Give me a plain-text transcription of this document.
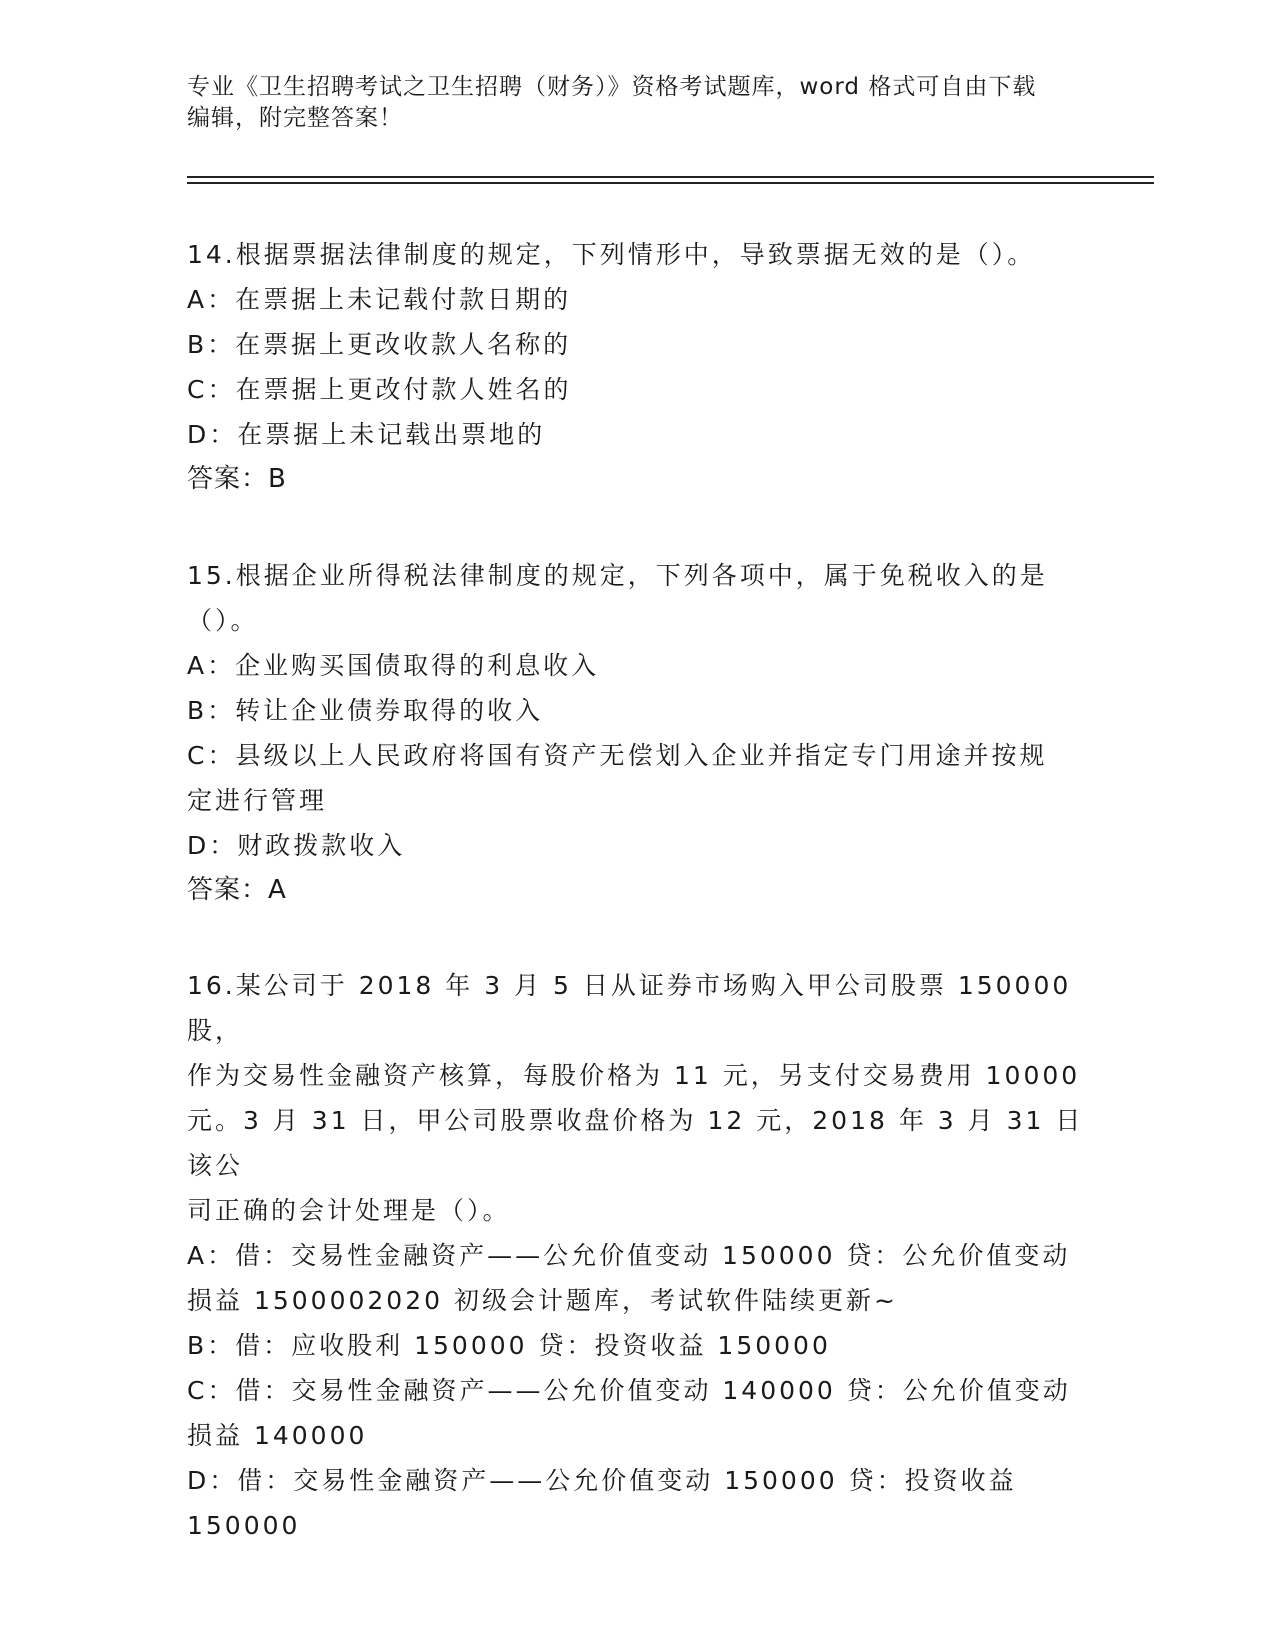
专业《卫生招聘考试之卫生招聘（财务）》资格考试题库，word 格式可自由下载
编辑，附完整答案！

14.根据票据法律制度的规定，下列情形中，导致票据无效的是（）。

A：在票据上未记载付款日期的

B：在票据上更改收款人名称的

C：在票据上更改付款人姓名的

D：在票据上未记载出票地的

答案：B

15.根据企业所得税法律制度的规定，下列各项中，属于免税收入的是

（）。

A：企业购买国债取得的利息收入

B：转让企业债券取得的收入

C：县级以上人民政府将国有资产无偿划入企业并指定专门用途并按规

定进行管理

D：财政拨款收入

答案：A

16.某公司于 2018 年 3 月 5 日从证券市场购入甲公司股票 150000 股，

作为交易性金融资产核算，每股价格为 11 元，另支付交易费用 10000

元。3 月 31 日，甲公司股票收盘价格为 12 元，2018 年 3 月 31 日该公

司正确的会计处理是（）。

A：借：交易性金融资产——公允价值变动 150000 贷：公允价值变动

损益 1500002020 初级会计题库，考试软件陆续更新~

B：借：应收股利 150000 贷：投资收益 150000

C：借：交易性金融资产——公允价值变动 140000 贷：公允价值变动

损益 140000

D：借：交易性金融资产——公允价值变动 150000 贷：投资收益

150000
